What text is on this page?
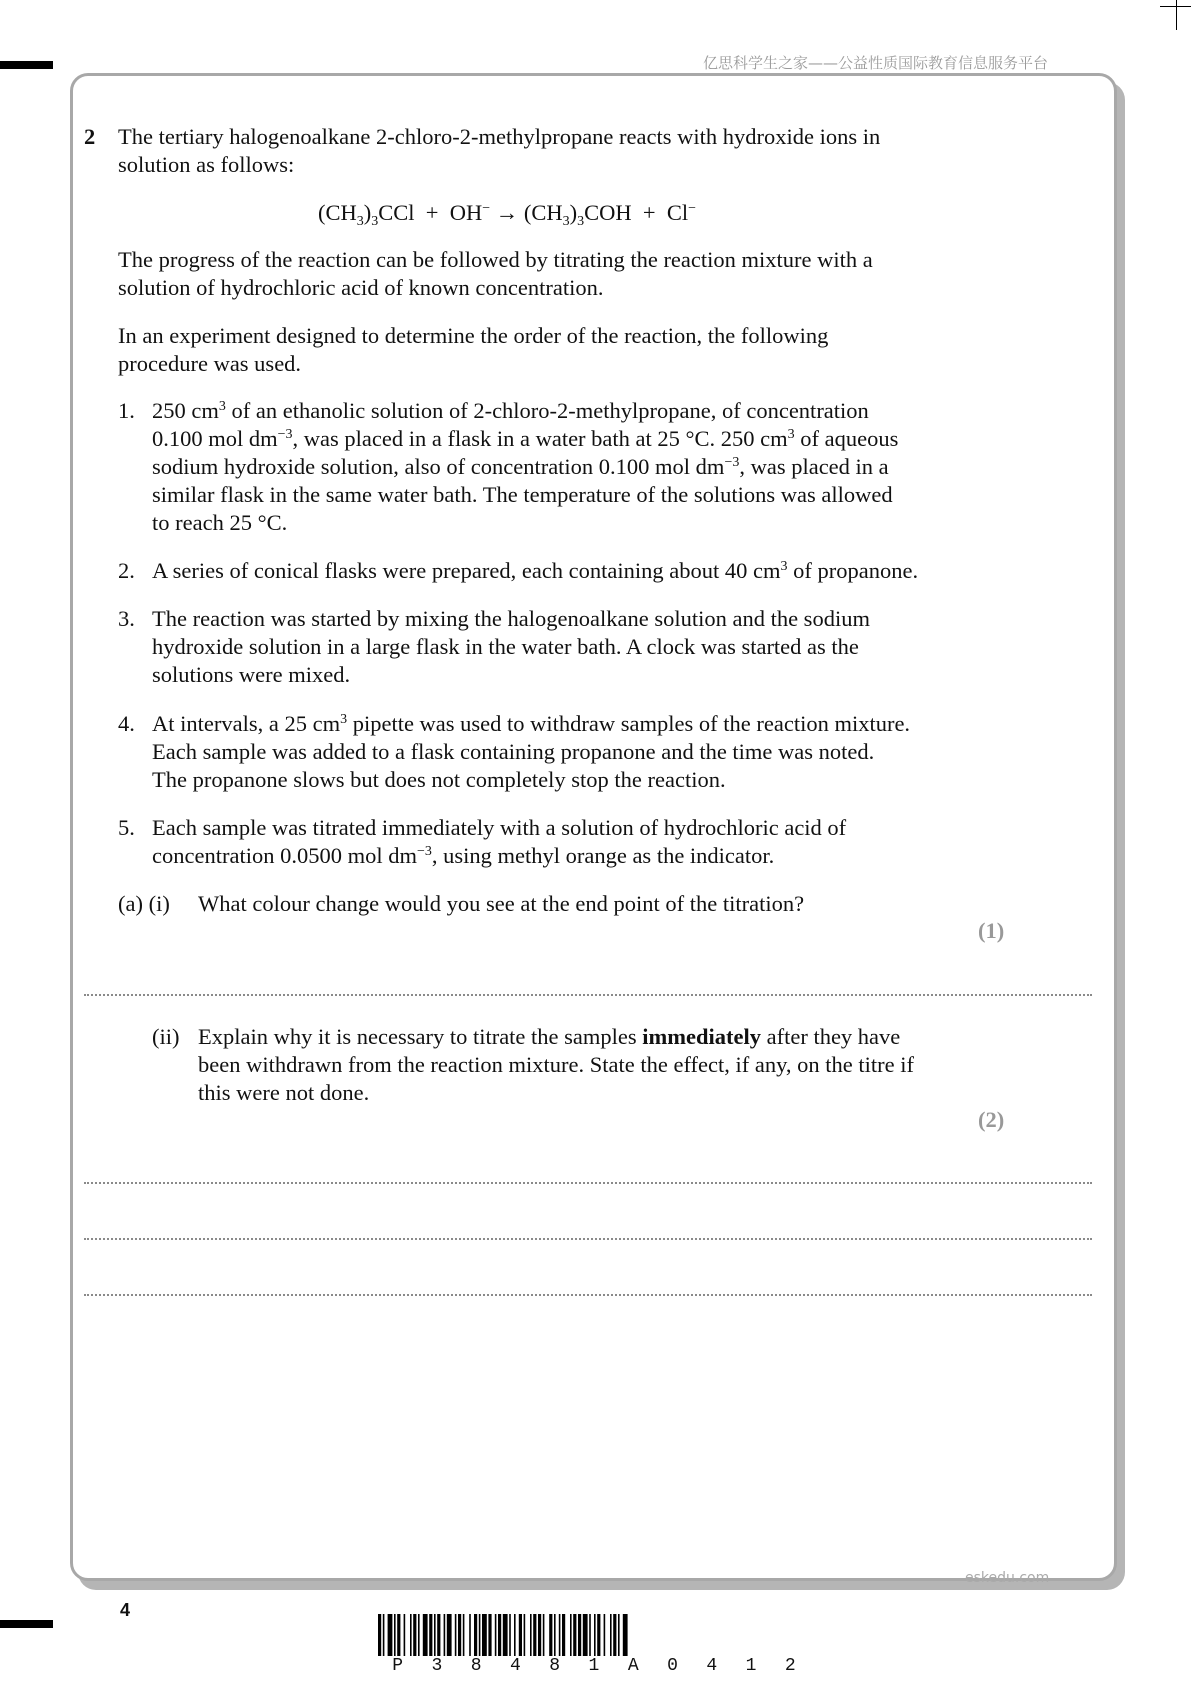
亿思科学生之家——公益性质国际教育信息服务平台
2 The tertiary halogenoalkane 2-chloro-2-methylpropane reacts with hydroxide ions in
solution as follows:
$(CH_3)_3CCl + OH^- \to (CH_3)_3COH + Cl^-$
The progress of the reaction can be followed by titrating the reaction mixture with a
solution of hydrochloric acid of known concentration.
In an experiment designed to determine the order of the reaction, the following
procedure was used.
1. 250 $cm^3$ of an ethanolic solution of 2-chloro-2-methylpropane, of concentration
0.100 mol $dm^{-3}$, was placed in a flask in a water bath at 25 °C. 250 $cm^3$ of aqueous
sodium hydroxide solution, also of concentration 0.100 mol $dm^{-3}$, was placed in a
similar flask in the same water bath. The temperature of the solutions was allowed
to reach 25 °C.
2. A series of conical flasks were prepared, each containing about 40 $cm^3$ of propanone.
3. The reaction was started by mixing the halogenoalkane solution and the sodium
hydroxide solution in a large flask in the water bath. A clock was started as the
solutions were mixed.
4. At intervals, a 25 $cm^3$ pipette was used to withdraw samples of the reaction mixture.
Each sample was added to a flask containing propanone and the time was noted.
The propanone slows but does not completely stop the reaction.
5. Each sample was titrated immediately with a solution of hydrochloric acid of
concentration 0.0500 mol $dm^{-3}$, using methyl orange as the indicator.
(a) (i) What colour change would you see at the end point of the titration?
(1)
(ii) Explain why it is necessary to titrate the samples immediately after they have
been withdrawn from the reaction mixture. State the effect, if any, on the titre if
this were not done.
(2)
eskedu.com
4
P 3 8 4 8 1 A 0 4 1 2
